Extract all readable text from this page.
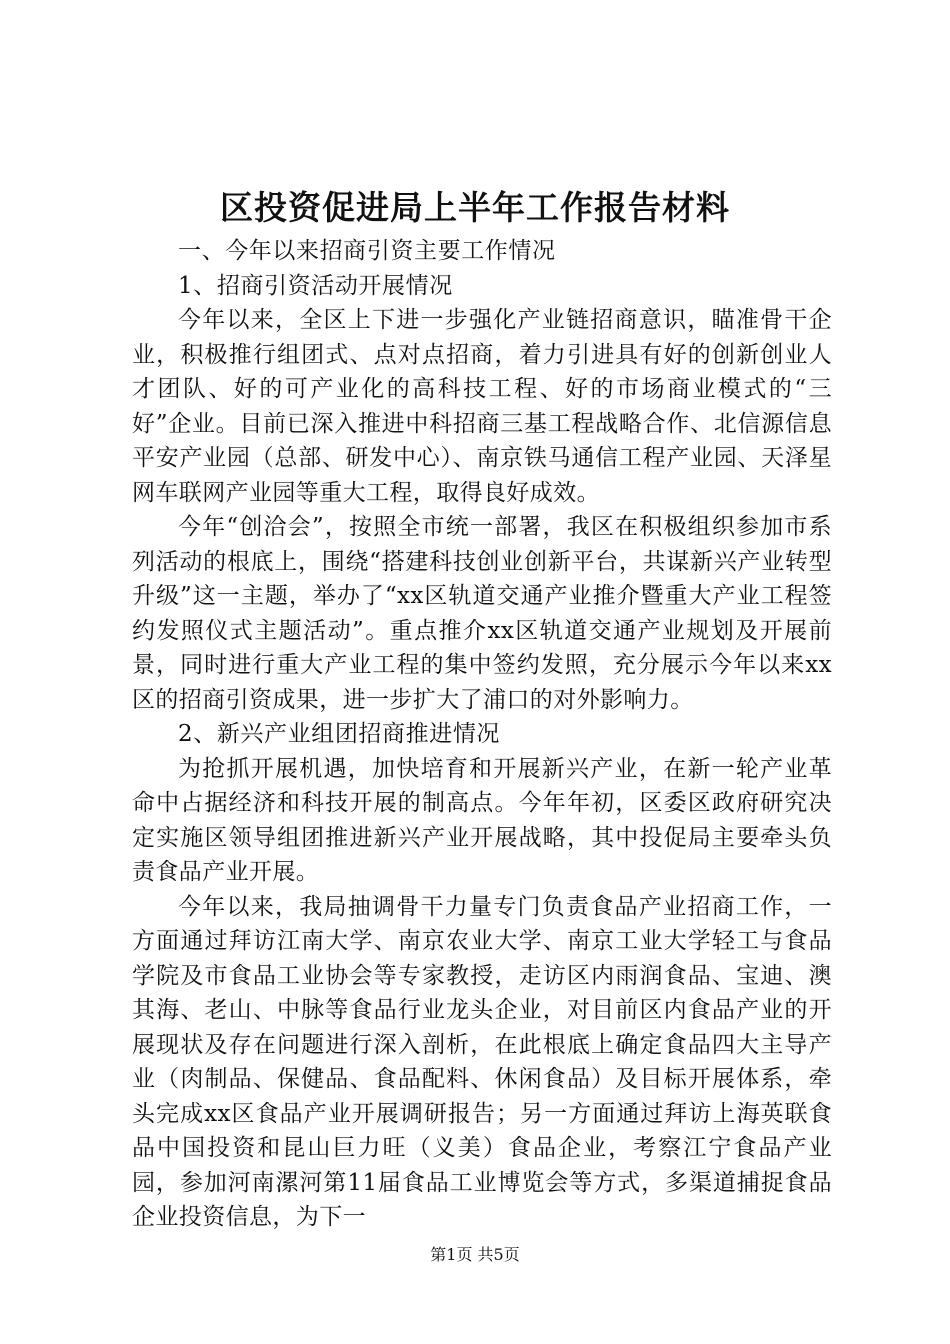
区投资促进局上半年工作报告材料

一、今年以来招商引资主要工作情况

1、招商引资活动开展情况

今年以来，全区上下进一步强化产业链招商意识，瞄准骨干企业，积极推行组团式、点对点招商，着力引进具有好的创新创业人才团队、好的可产业化的高科技工程、好的市场商业模式的“三好”企业。目前已深入推进中科招商三基工程战略合作、北信源信息平安产业园（总部、研发中心）、南京铁马通信工程产业园、天泽星网车联网产业园等重大工程，取得良好成效。

今年“创洽会”，按照全市统一部署，我区在积极组织参加市系列活动的根底上，围绕“搭建科技创业创新平台，共谋新兴产业转型升级”这一主题，举办了“xx区轨道交通产业推介暨重大产业工程签约发照仪式主题活动”。重点推介xx区轨道交通产业规划及开展前景，同时进行重大产业工程的集中签约发照，充分展示今年以来xx区的招商引资成果，进一步扩大了浦口的对外影响力。

2、新兴产业组团招商推进情况

为抢抓开展机遇，加快培育和开展新兴产业，在新一轮产业革命中占据经济和科技开展的制高点。今年年初，区委区政府研究决定实施区领导组团推进新兴产业开展战略，其中投促局主要牵头负责食品产业开展。

今年以来，我局抽调骨干力量专门负责食品产业招商工作，一方面通过拜访江南大学、南京农业大学、南京工业大学轻工与食品学院及市食品工业协会等专家教授，走访区内雨润食品、宝迪、澳其海、老山、中脉等食品行业龙头企业，对目前区内食品产业的开展现状及存在问题进行深入剖析，在此根底上确定食品四大主导产业（肉制品、保健品、食品配料、休闲食品）及目标开展体系，牵头完成xx区食品产业开展调研报告；另一方面通过拜访上海英联食品中国投资和昆山巨力旺（义美）食品企业，考察江宁食品产业园，参加河南漯河第11届食品工业博览会等方式，多渠道捕捉食品企业投资信息，为下一

第1页 共5页
